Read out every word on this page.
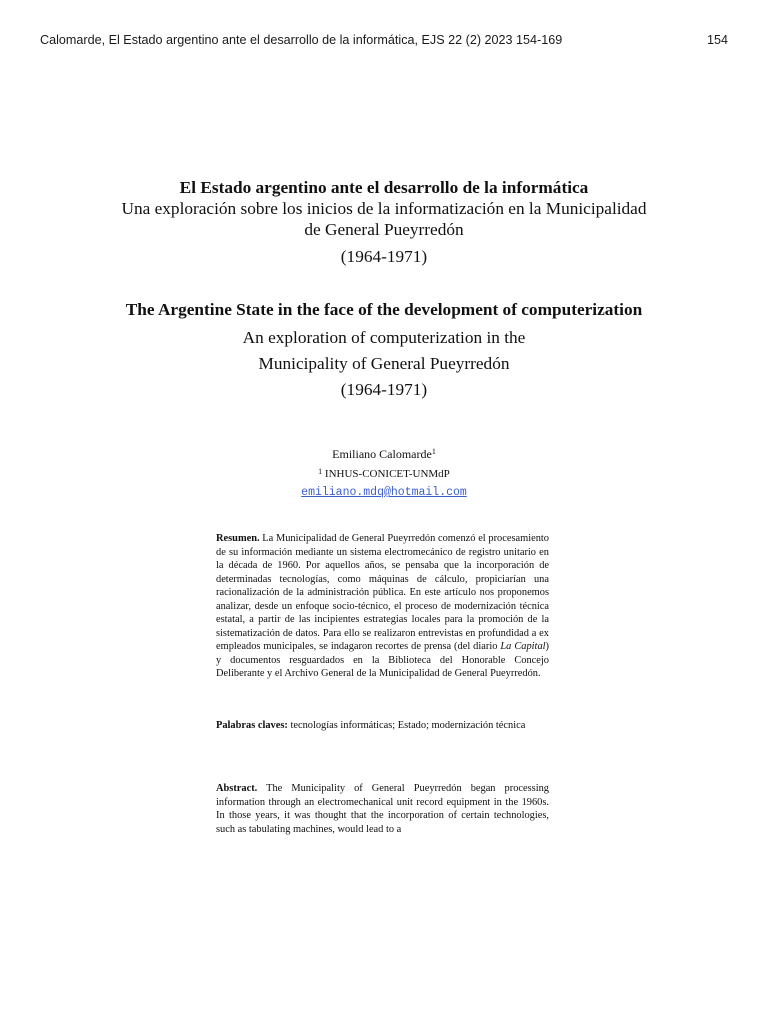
Calomarde, El Estado argentino ante el desarrollo de la informática, EJS 22 (2) 2023 154-169	154
El Estado argentino ante el desarrollo de la informática
Una exploración sobre los inicios de la informatización en la Municipalidad de General Pueyrredón
(1964-1971)
The Argentine State in the face of the development of computerization
An exploration of computerization in the
Municipality of General Pueyrredón
(1964-1971)
Emiliano Calomarde$^1$
$^1$ INHUS-CONICET-UNMdP
emiliano.mdq@hotmail.com
Resumen. La Municipalidad de General Pueyrredón comenzó el procesamiento de su información mediante un sistema electromecánico de registro unitario en la década de 1960. Por aquellos años, se pensaba que la incorporación de determinadas tecnologías, como máquinas de cálculo, propiciarían una racionalización de la administración pública. En este artículo nos proponemos analizar, desde un enfoque socio-técnico, el proceso de modernización técnica estatal, a partir de las incipientes estrategias locales para la promoción de la sistematización de datos. Para ello se realizaron entrevistas en profundidad a ex empleados municipales, se indagaron recortes de prensa (del diario La Capital) y documentos resguardados en la Biblioteca del Honorable Concejo Deliberante y el Archivo General de la Municipalidad de General Pueyrredón.
Palabras claves: tecnologías informáticas; Estado; modernización técnica
Abstract. The Municipality of General Pueyrredón began processing information through an electromechanical unit record equipment in the 1960s. In those years, it was thought that the incorporation of certain technologies, such as tabulating machines, would lead to a
